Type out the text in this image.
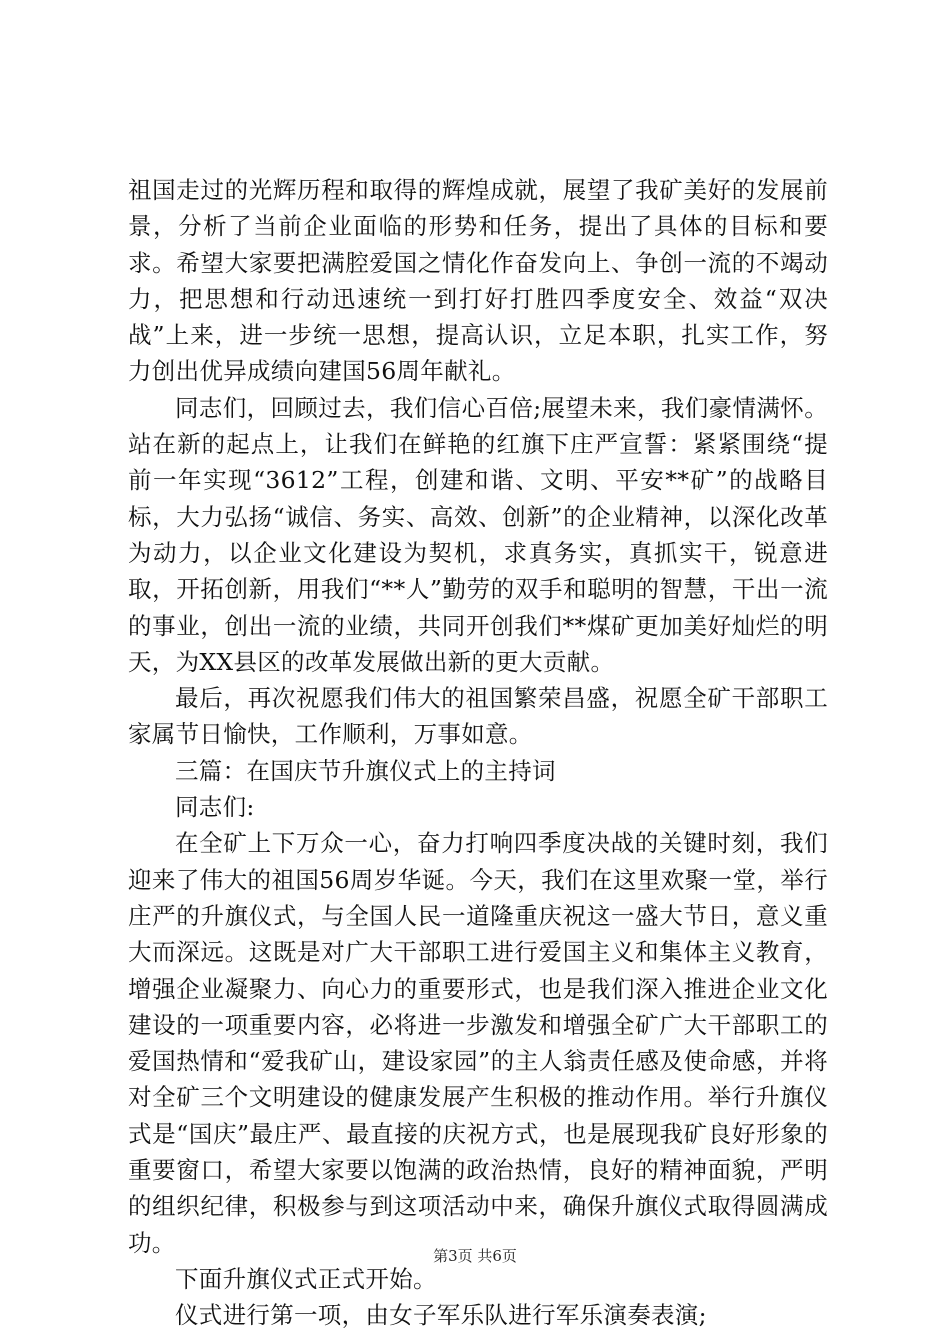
祖国走过的光辉历程和取得的辉煌成就，展望了我矿美好的发展前景，分析了当前企业面临的形势和任务，提出了具体的目标和要求。希望大家要把满腔爱国之情化作奋发向上、争创一流的不竭动力，把思想和行动迅速统一到打好打胜四季度安全、效益“双决战”上来，进一步统一思想，提高认识，立足本职，扎实工作，努力创出优异成绩向建国56周年献礼。

同志们，回顾过去，我们信心百倍;展望未来，我们豪情满怀。站在新的起点上，让我们在鲜艳的红旗下庄严宣誓：紧紧围绕“提前一年实现“3612”工程，创建和谐、文明、平安**矿”的战略目标，大力弘扬“诚信、务实、高效、创新”的企业精神，以深化改革为动力，以企业文化建设为契机，求真务实，真抓实干，锐意进取，开拓创新，用我们“**人”勤劳的双手和聪明的智慧，干出一流的事业，创出一流的业绩，共同开创我们**煤矿更加美好灿烂的明天，为XX县区的改革发展做出新的更大贡献。

最后，再次祝愿我们伟大的祖国繁荣昌盛，祝愿全矿干部职工家属节日愉快，工作顺利，万事如意。

三篇：在国庆节升旗仪式上的主持词

同志们:

在全矿上下万众一心，奋力打响四季度决战的关键时刻，我们迎来了伟大的祖国56周岁华诞。今天，我们在这里欢聚一堂，举行庄严的升旗仪式，与全国人民一道隆重庆祝这一盛大节日，意义重大而深远。这既是对广大干部职工进行爱国主义和集体主义教育，增强企业凝聚力、向心力的重要形式，也是我们深入推进企业文化建设的一项重要内容，必将进一步激发和增强全矿广大干部职工的爱国热情和“爱我矿山，建设家园”的主人翁责任感及使命感，并将对全矿三个文明建设的健康发展产生积极的推动作用。举行升旗仪式是“国庆”最庄严、最直接的庆祝方式，也是展现我矿良好形象的重要窗口，希望大家要以饱满的政治热情，良好的精神面貌，严明的组织纪律，积极参与到这项活动中来，确保升旗仪式取得圆满成功。

下面升旗仪式正式开始。

仪式进行第一项，由女子军乐队进行军乐演奏表演;

第3页 共6页
